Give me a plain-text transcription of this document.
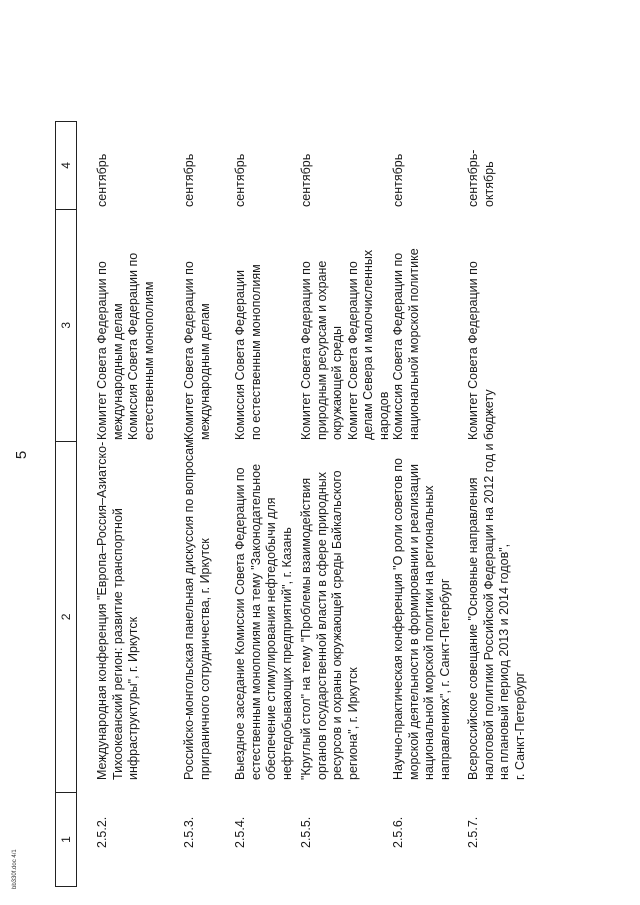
5
bb330f.doc 4/1
1
2
3
4
2.5.2.
Международная конференция "Европа–Россия–Азиатско- Тихоокеанский регион: развитие транспортной инфраструктуры", г. Иркутск
Комитет Совета Федерации по международным делам Комиссия Совета Федерации по естественным монополиям
сентябрь
2.5.3.
Российско-монгольская панельная дискуссия по вопросам приграничного сотрудничества, г. Иркутск
Комитет Совета Федерации по международным делам
сентябрь
2.5.4.
Выездное заседание Комиссии Совета Федерации по естественным монополиям на тему "Законодательное обеспечение стимулирования нефтедобычи для нефтедобывающих предприятий", г. Казань
Комиссия Совета Федерации по естественным монополиям
сентябрь
2.5.5.
"Круглый стол" на тему "Проблемы взаимодействия органов государственной власти в сфере природных ресурсов и охраны окружающей среды Байкальского региона", г. Иркутск
Комитет Совета Федерации по природным ресурсам и охране окружающей среды Комитет Совета Федерации по делам Севера и малочисленных народов
сентябрь
2.5.6.
Научно-практическая конференция "О роли советов по морской деятельности в формировании и реализации национальной морской политики на региональных направлениях", г. Санкт-Петербург
Комиссия Совета Федерации по национальной морской политике
сентябрь
2.5.7.
Всероссийское совещание "Основные направления налоговой политики Российской Федерации на 2012 год и на плановый период 2013 и 2014 годов", г. Санкт-Петербург
Комитет Совета Федерации по бюджету
сентябрь- октябрь
